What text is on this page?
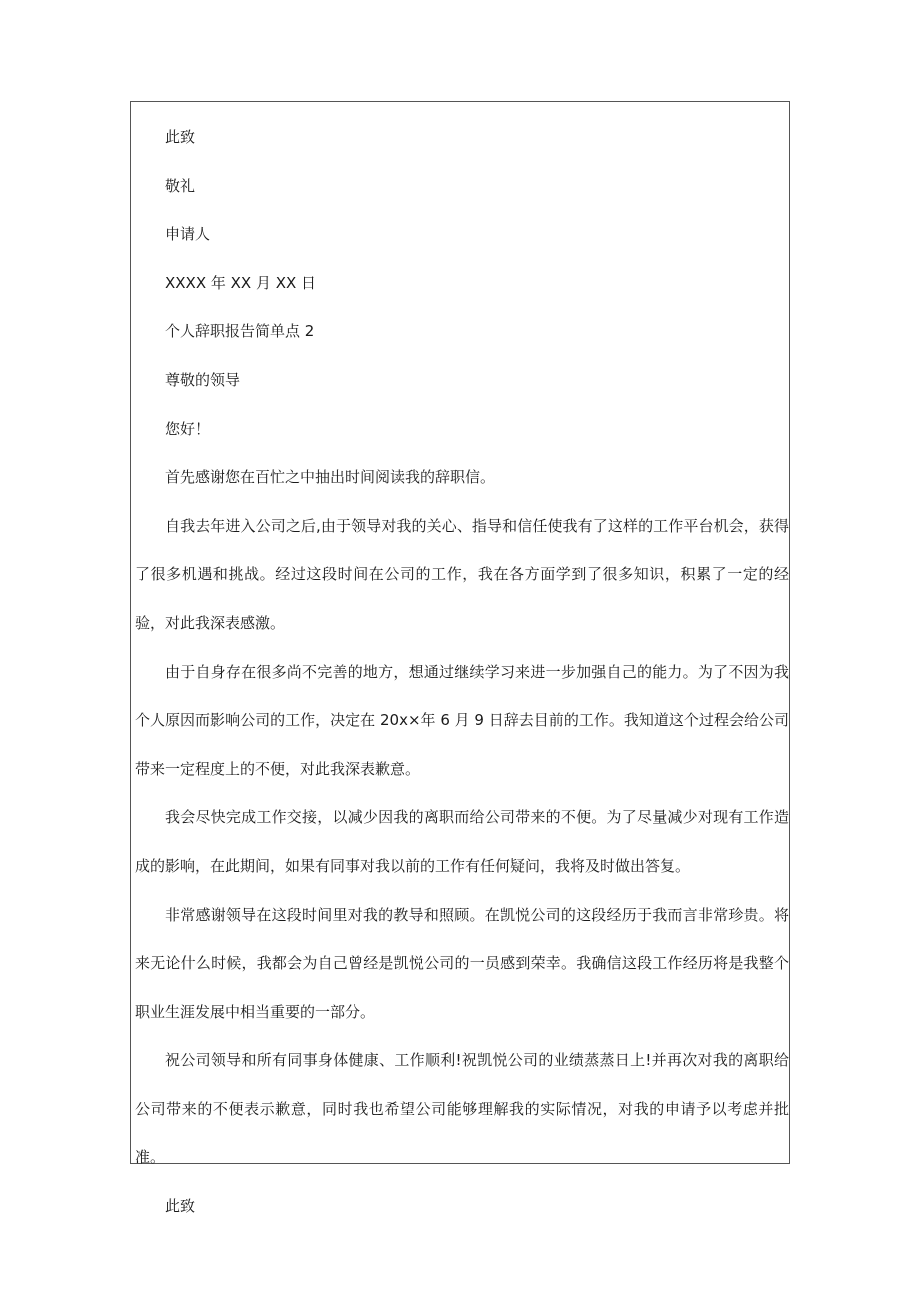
此致

敬礼

申请人

XXXX 年 XX 月 XX 日

个人辞职报告简单点 2

尊敬的领导

您好！

首先感谢您在百忙之中抽出时间阅读我的辞职信。

自我去年进入公司之后,由于领导对我的关心、指导和信任使我有了这样的工作平台机会，获得了很多机遇和挑战。经过这段时间在公司的工作，我在各方面学到了很多知识，积累了一定的经验，对此我深表感激。

由于自身存在很多尚不完善的地方，想通过继续学习来进一步加强自己的能力。为了不因为我个人原因而影响公司的工作，决定在 20x×年 6 月 9 日辞去目前的工作。我知道这个过程会给公司带来一定程度上的不便，对此我深表歉意。

我会尽快完成工作交接，以减少因我的离职而给公司带来的不便。为了尽量减少对现有工作造成的影响，在此期间，如果有同事对我以前的工作有任何疑问，我将及时做出答复。

非常感谢领导在这段时间里对我的教导和照顾。在凯悦公司的这段经历于我而言非常珍贵。将来无论什么时候，我都会为自己曾经是凯悦公司的一员感到荣幸。我确信这段工作经历将是我整个职业生涯发展中相当重要的一部分。

祝公司领导和所有同事身体健康、工作顺利!祝凯悦公司的业绩蒸蒸日上!并再次对我的离职给公司带来的不便表示歉意，同时我也希望公司能够理解我的实际情况，对我的申请予以考虑并批准。

此致
